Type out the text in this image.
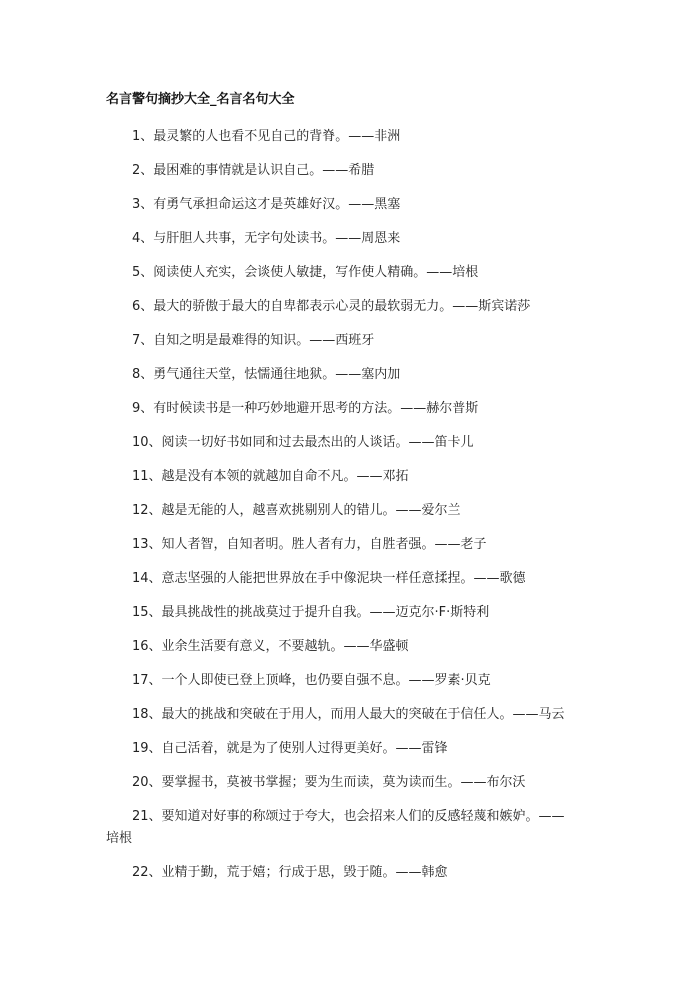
名言警句摘抄大全_名言名句大全
1、最灵繁的人也看不见自己的背脊。——非洲
2、最困难的事情就是认识自己。——希腊
3、有勇气承担命运这才是英雄好汉。——黑塞
4、与肝胆人共事，无字句处读书。——周恩来
5、阅读使人充实，会谈使人敏捷，写作使人精确。——培根
6、最大的骄傲于最大的自卑都表示心灵的最软弱无力。——斯宾诺莎
7、自知之明是最难得的知识。——西班牙
8、勇气通往天堂，怯懦通往地狱。——塞内加
9、有时候读书是一种巧妙地避开思考的方法。——赫尔普斯
10、阅读一切好书如同和过去最杰出的人谈话。——笛卡儿
11、越是没有本领的就越加自命不凡。——邓拓
12、越是无能的人，越喜欢挑剔别人的错儿。——爱尔兰
13、知人者智，自知者明。胜人者有力，自胜者强。——老子
14、意志坚强的人能把世界放在手中像泥块一样任意揉捏。——歌德
15、最具挑战性的挑战莫过于提升自我。——迈克尔·F·斯特利
16、业余生活要有意义，不要越轨。——华盛顿
17、一个人即使已登上顶峰，也仍要自强不息。——罗素·贝克
18、最大的挑战和突破在于用人，而用人最大的突破在于信任人。——马云
19、自己活着，就是为了使别人过得更美好。——雷锋
20、要掌握书，莫被书掌握；要为生而读，莫为读而生。——布尔沃
21、要知道对好事的称颂过于夸大，也会招来人们的反感轻蔑和嫉妒。——培根
22、业精于勤，荒于嬉；行成于思，毁于随。——韩愈
